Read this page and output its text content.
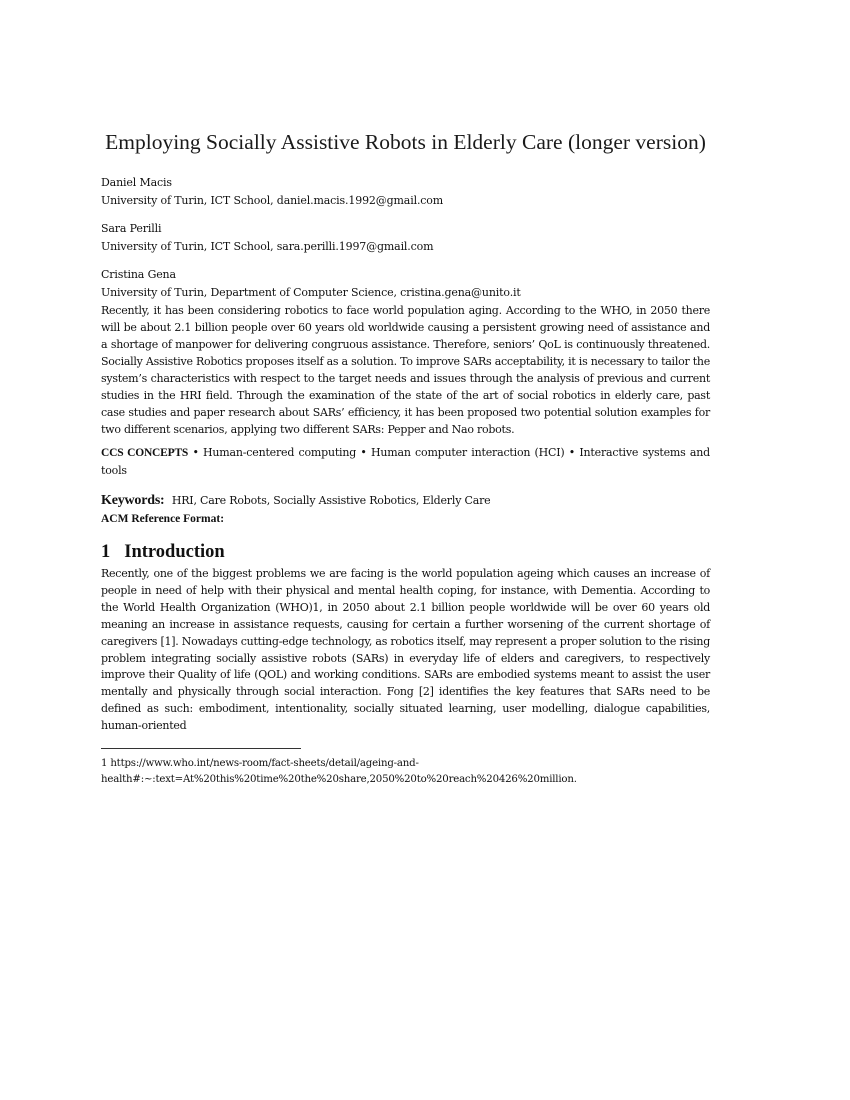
Employing Socially Assistive Robots in Elderly Care (longer version)
Daniel Macis
University of Turin, ICT School, daniel.macis.1992@gmail.com
Sara Perilli
University of Turin, ICT School, sara.perilli.1997@gmail.com
Cristina Gena
University of Turin, Department of Computer Science, cristina.gena@unito.it

Recently, it has been considering robotics to face world population aging. According to the WHO, in 2050 there will be about 2.1 billion people over 60 years old worldwide causing a persistent growing need of assistance and a shortage of manpower for delivering congruous assistance. Therefore, seniors’ QoL is continuously threatened. Socially Assistive Robotics proposes itself as a solution. To improve SARs acceptability, it is necessary to tailor the system’s characteristics with respect to the target needs and issues through the analysis of previous and current studies in the HRI field. Through the examination of the state of the art of social robotics in elderly care, past case studies and paper research about SARs’ efficiency, it has been proposed two potential solution examples for two different scenarios, applying two different SARs: Pepper and Nao robots.

CCS CONCEPTS • Human-centered computing • Human computer interaction (HCI) • Interactive systems and tools

Keywords: HRI, Care Robots, Socially Assistive Robotics, Elderly Care

ACM Reference Format:

1 Introduction

Recently, one of the biggest problems we are facing is the world population ageing which causes an increase of people in need of help with their physical and mental health coping, for instance, with Dementia. According to the World Health Organization (WHO)1, in 2050 about 2.1 billion people worldwide will be over 60 years old meaning an increase in assistance requests, causing for certain a further worsening of the current shortage of caregivers [1]. Nowadays cutting-edge technology, as robotics itself, may represent a proper solution to the rising problem integrating socially assistive robots (SARs) in everyday life of elders and caregivers, to respectively improve their Quality of life (QOL) and working conditions. SARs are embodied systems meant to assist the user mentally and physically through social interaction. Fong [2] identifies the key features that SARs need to be defined as such: embodiment, intentionality, socially situated learning, user modelling, dialogue capabilities, human-oriented

1 https://www.who.int/news-room/fact-sheets/detail/ageing-and-
health#:~:text=At%20this%20time%20the%20share,2050%20to%20reach%20426%20million.
